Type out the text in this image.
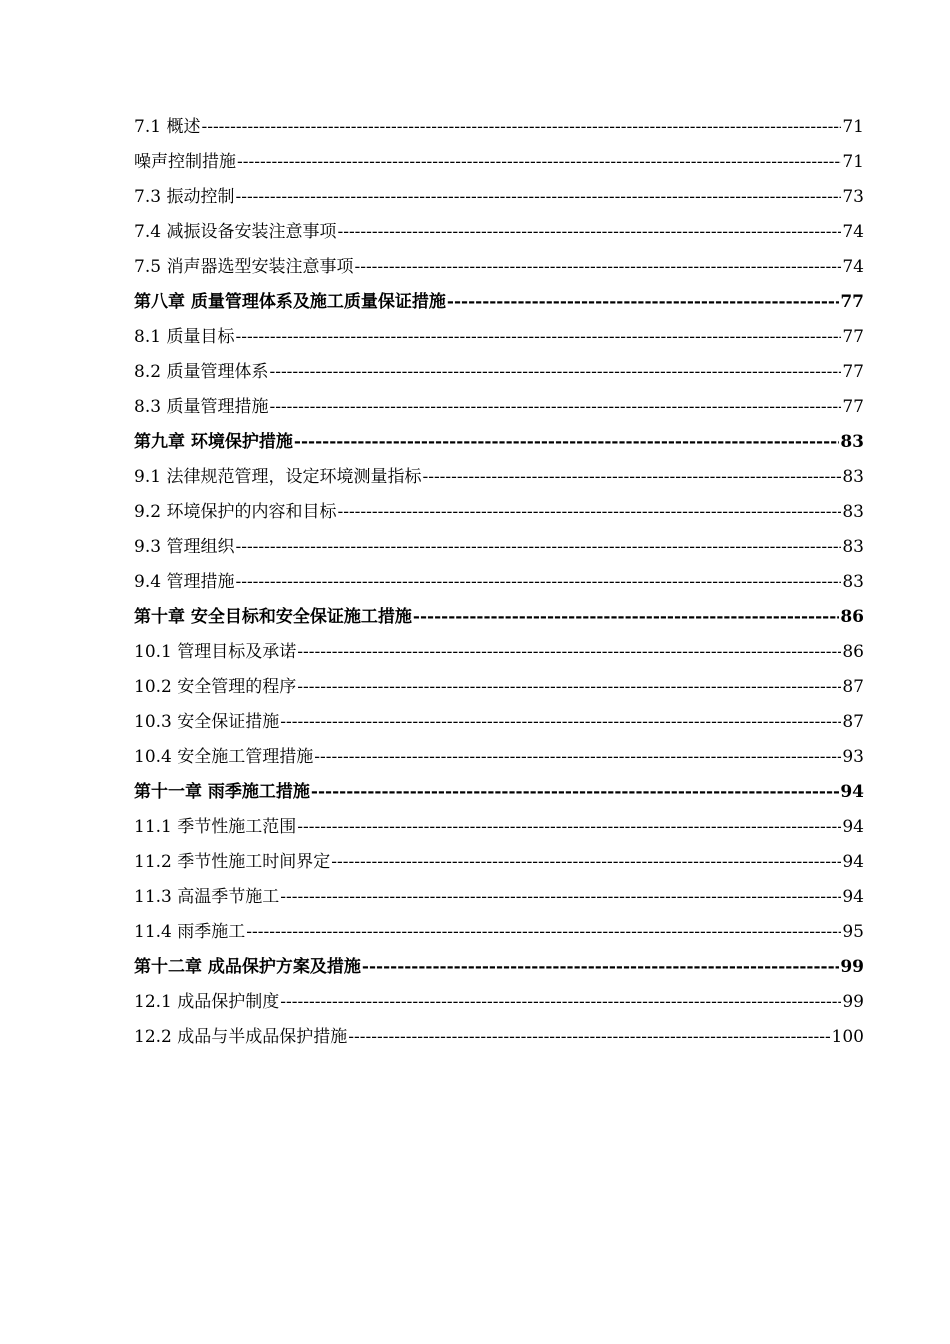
7.1 概述 -----	71
噪声控制措施 -----	71
7.3 振动控制 -----	73
7.4 减振设备安装注意事项 -----	74
7.5 消声器选型安装注意事项 -----	74
第八章 质量管理体系及施工质量保证措施 -----	77
8.1 质量目标 -----	77
8.2 质量管理体系 -----	77
8.3 质量管理措施 -----	77
第九章 环境保护措施 -----	83
9.1 法律规范管理，设定环境测量指标 -----	83
9.2 环境保护的内容和目标 -----	83
9.3 管理组织 -----	83
9.4 管理措施 -----	83
第十章 安全目标和安全保证施工措施 -----	86
10.1 管理目标及承诺 -----	86
10.2 安全管理的程序 -----	87
10.3 安全保证措施 -----	87
10.4 安全施工管理措施 -----	93
第十一章 雨季施工措施 -----	94
11.1 季节性施工范围 -----	94
11.2 季节性施工时间界定 -----	94
11.3 高温季节施工 -----	94
11.4 雨季施工 -----	95
第十二章 成品保护方案及措施 -----	99
12.1 成品保护制度 -----	99
12.2 成品与半成品保护措施 -----	100
